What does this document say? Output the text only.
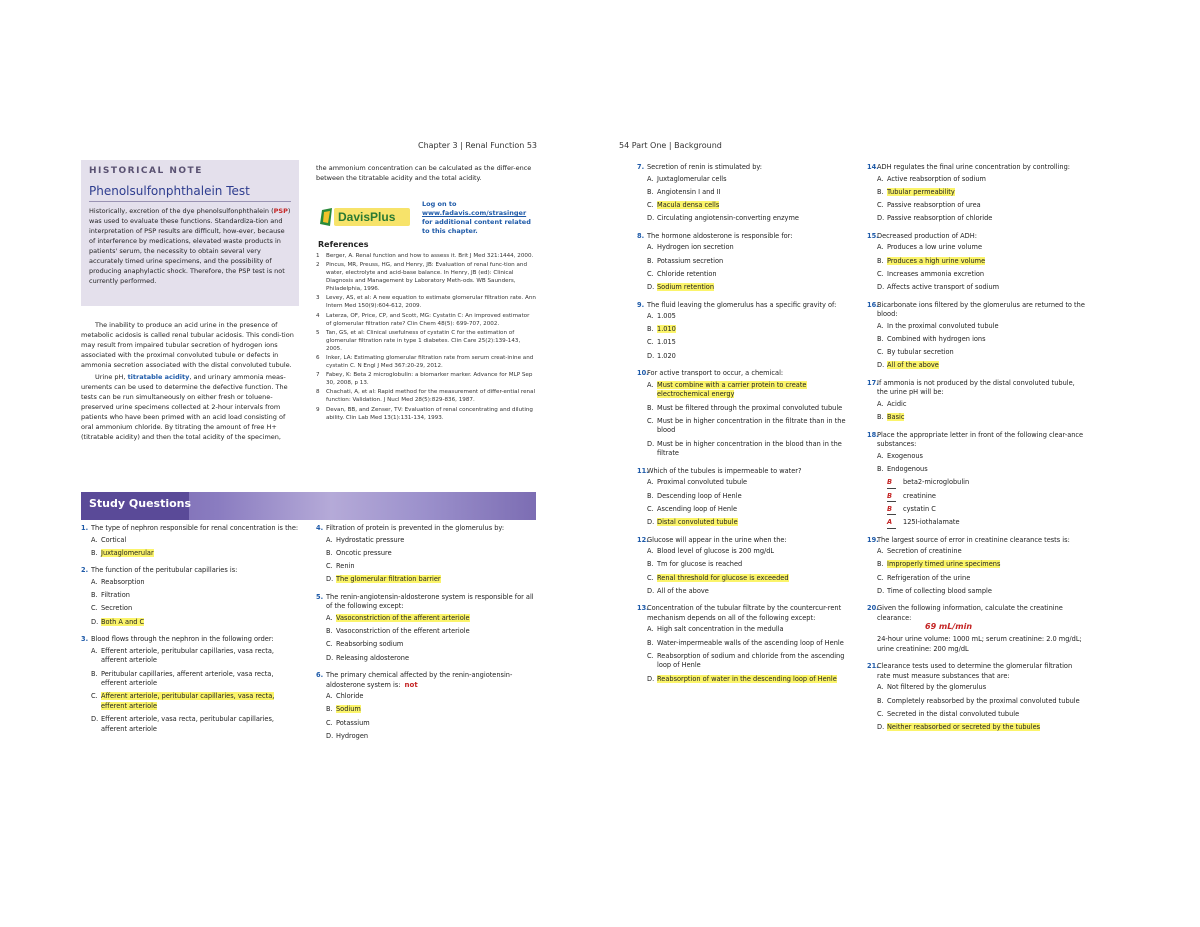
Chapter 3 | Renal Function 53	54 Part One | Background
HISTORICAL NOTE
Phenolsulfonphthalein Test
Historically, excretion of the dye phenolsulfonphthalein (PSP) was used to evaluate these functions. Standardiza-tion and interpretation of PSP results are difficult, how-ever, because of interference by medications, elevated waste products in patients' serum, the necessity to obtain several very accurately timed urine specimens, and the possibility of producing anaphylactic shock. Therefore, the PSP test is not currently performed.

The inability to produce an acid urine in the presence of metabolic acidosis is called renal tubular acidosis. This condi-tion may result from impaired tubular secretion of hydrogen ions associated with the proximal convoluted tubule or defects in ammonia secretion associated with the distal convoluted tubule.

Urine pH, titratable acidity, and urinary ammonia meas-urements can be used to determine the defective function. The tests can be run simultaneously on either fresh or toluene-preserved urine specimens collected at 2-hour intervals from patients who have been primed with an acid load consisting of oral ammonium chloride. By titrating the amount of free H+ (titratable acidity) and then the total acidity of the specimen,

the ammonium concentration can be calculated as the differ-ence between the titratable acidity and the total acidity.
DavisPlus
Log on to
www.fadavis.com/strasinger
for additional content related
to this chapter.
References
1 Berger, A. Renal function and how to assess it. Brit J Med 321:1444, 2000.
2 Pincus, MR, Preuss, HG, and Henry, JB: Evaluation of renal func-tion and water, electrolyte and acid-base balance. In Henry, JB (ed): Clinical Diagnosis and Management by Laboratory Meth-ods. WB Saunders, Philadelphia, 1996.
3 Levey, AS, et al: A new equation to estimate glomerular filtration rate. Ann Intern Med 150(9):604-612, 2009.
4 Laterza, OF, Price, CP, and Scott, MG: Cystatin C: An improved estimator of glomerular filtration rate? Clin Chem 48(5): 699-707, 2002.
5 Tan, GS, et al: Clinical usefulness of cystatin C for the estimation of glomerular filtration rate in type 1 diabetes. Clin Care 25(2):139-143, 2005.
6 Inker, LA: Estimating glomerular filtration rate from serum creat-inine and cystatin C. N Engl J Med 367:20-29, 2012.
7 Fabey, K: Beta 2 microglobulin: a biomarker marker. Advance for MLP Sep 30, 2008, p 13.
8 Chachati, A, et al: Rapid method for the measurement of differ-ential renal function: Validation. J Nucl Med 28(5):829-836, 1987.
9 Devan, BB, and Zenser, TV: Evaluation of renal concentrating and diluting ability. Clin Lab Med 13(1):131-134, 1993.
Study Questions
1. The type of nephron responsible for renal concentration is the:
A. Cortical
B. Juxtaglomerular
2. The function of the peritubular capillaries is:
A. Reabsorption
B. Filtration
C. Secretion
D. Both A and C
3. Blood flows through the nephron in the following order:
A. Efferent arteriole, peritubular capillaries, vasa recta, afferent arteriole
B. Peritubular capillaries, afferent arteriole, vasa recta, efferent arteriole
C. Afferent arteriole, peritubular capillaries, vasa recta, efferent arteriole
D. Efferent arteriole, vasa recta, peritubular capillaries, afferent arteriole
4. Filtration of protein is prevented in the glomerulus by:
A. Hydrostatic pressure
B. Oncotic pressure
C. Renin
D. The glomerular filtration barrier
5. The renin-angiotensin-aldosterone system is responsible for all of the following except:
A. Vasoconstriction of the afferent arteriole
B. Vasoconstriction of the efferent arteriole
C. Reabsorbing sodium
D. Releasing aldosterone
6. The primary chemical affected by the renin-angiotensin-aldosterone system is: not
A. Chloride
B. Sodium
C. Potassium
D. Hydrogen
7. Secretion of renin is stimulated by:
A. Juxtaglomerular cells
B. Angiotensin I and II
C. Macula densa cells
D. Circulating angiotensin-converting enzyme
8. The hormone aldosterone is responsible for:
A. Hydrogen ion secretion
B. Potassium secretion
C. Chloride retention
D. Sodium retention
9. The fluid leaving the glomerulus has a specific gravity of:
A. 1.005
B. 1.010
C. 1.015
D. 1.020
10.
For active transport to occur, a chemical:
A. Must combine with a carrier protein to create electrochemical energy
B. Must be filtered through the proximal convoluted tubule
C. Must be in higher concentration in the filtrate than in the blood
D. Must be in higher concentration in the blood than in the filtrate
11.
Which of the tubules is impermeable to water?
A. Proximal convoluted tubule
B. Descending loop of Henle
C. Ascending loop of Henle
D. Distal convoluted tubule
12.
Glucose will appear in the urine when the:
A. Blood level of glucose is 200 mg/dL
B. Tm for glucose is reached
C. Renal threshold for glucose is exceeded
D. All of the above
13.
Concentration of the tubular filtrate by the countercur-rent mechanism depends on all of the following except:
A. High salt concentration in the medulla
B. Water-impermeable walls of the ascending loop of Henle
C. Reabsorption of sodium and chloride from the ascending loop of Henle
D. Reabsorption of water in the descending loop of Henle
14.
ADH regulates the final urine concentration by controlling:
A. Active reabsorption of sodium
B. Tubular permeability
C. Passive reabsorption of urea
D. Passive reabsorption of chloride
15.
Decreased production of ADH:
A. Produces a low urine volume
B. Produces a high urine volume
C. Increases ammonia excretion
D. Affects active transport of sodium
16.
Bicarbonate ions filtered by the glomerulus are returned to the blood:
A. In the proximal convoluted tubule
B. Combined with hydrogen ions
C. By tubular secretion
D. All of the above
17.
If ammonia is not produced by the distal convoluted tubule, the urine pH will be:
A. Acidic
B. Basic
18.
Place the appropriate letter in front of the following clear-ance substances:
A. Exogenous
B. Endogenous
B	beta2-microglobulin
B	creatinine
B	cystatin C
A	125I-iothalamate
19.
The largest source of error in creatinine clearance tests is:
A. Secretion of creatinine
B. Improperly timed urine specimens
C. Refrigeration of the urine
D. Time of collecting blood sample
20.
Given the following information, calculate the creatinine clearance:
69 mL/min
24-hour urine volume: 1000 mL; serum creatinine: 2.0 mg/dL; urine creatinine: 200 mg/dL
21.
Clearance tests used to determine the glomerular filtration rate must measure substances that are:
A. Not filtered by the glomerulus
B. Completely reabsorbed by the proximal convoluted tubule
C. Secreted in the distal convoluted tubule
D. Neither reabsorbed or secreted by the tubules
